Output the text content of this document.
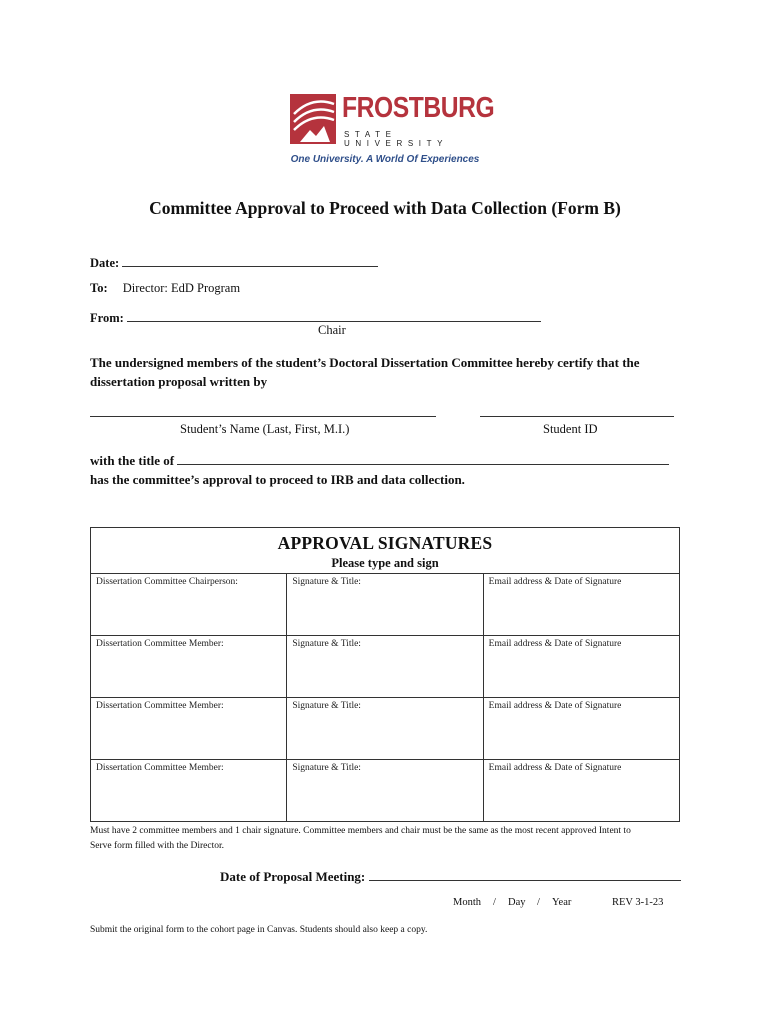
FROSTBURG
STATE UNIVERSITY
One University. A World Of Experiences
Committee Approval to Proceed with Data Collection (Form B)
Date:
To: Director: EdD Program
From:
Chair
The undersigned members of the student’s Doctoral Dissertation Committee hereby certify that the
dissertation proposal written by
Student’s Name (Last, First, M.I.)	Student ID
with the title of
has the committee’s approval to proceed to IRB and data collection.
APPROVAL SIGNATURES
Please type and sign		

Dissertation Committee Chairperson:	Signature & Title:	Email address & Date of Signature
Dissertation Committee Member:	Signature & Title:	Email address & Date of Signature
Dissertation Committee Member:	Signature & Title:	Email address & Date of Signature
Dissertation Committee Member:	Signature & Title:	Email address & Date of Signature
Must have 2 committee members and 1 chair signature. Committee members and chair must be the same as the most recent approved Intent to
Serve form filled with the Director.
Date of Proposal Meeting:
Month / Day / Year	REV 3-1-23
Submit the original form to the cohort page in Canvas. Students should also keep a copy.
